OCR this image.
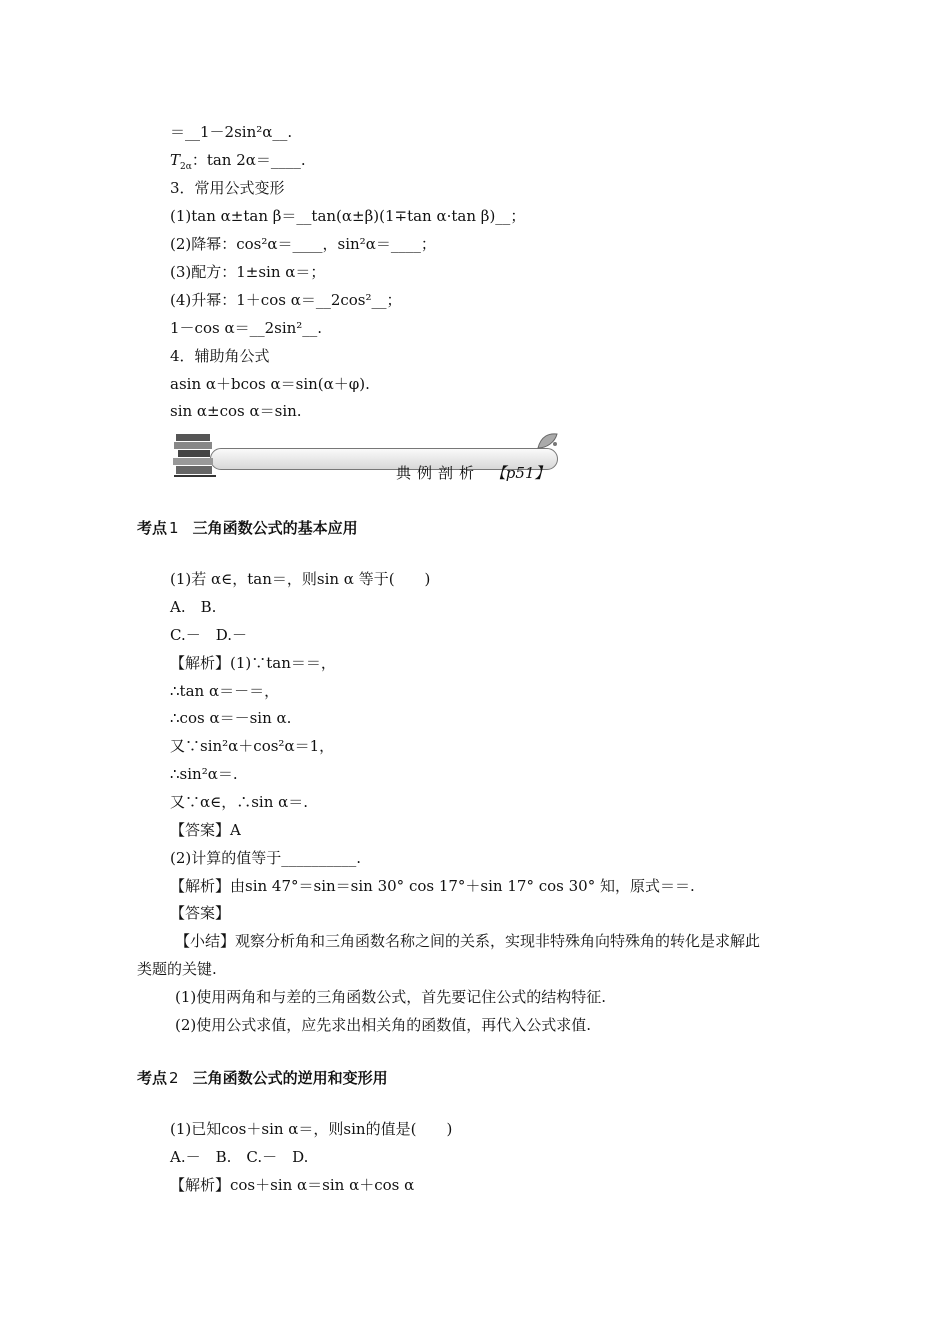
＝__1－2sin²α__.
$T_{2\alpha}$：tan 2α＝____.
3．常用公式变形
(1)tan α±tan β＝__tan(α±β)(1∓tan α·tan β)__；
(2)降幂：cos²α＝____，sin²α＝____；
(3)配方：1±sin α＝；
(4)升幂：1＋cos α＝__2cos²__；
1－cos α＝__2sin²__.
4．辅助角公式
asin α＋bcos α＝sin(α＋φ).
sin α±cos α＝sin.
典例剖析 【p51】
考点 1 三角函数公式的基本应用
(1)若 α∈，tan＝，则sin α 等于(　　)
A.　B.
C.－　D.－
【解析】(1)∵tan＝＝，
∴tan α＝－＝，
∴cos α＝－sin α.
又∵sin²α＋cos²α＝1，
∴sin²α＝.
又∵α∈，∴sin α＝.
【答案】A
(2)计算的值等于__________.
【解析】由sin 47°＝sin＝sin 30° cos 17°＋sin 17° cos 30° 知，原式＝＝.
【答案】
【小结】观察分析角和三角函数名称之间的关系，实现非特殊角向特殊角的转化是求解此
类题的关键.
(1)使用两角和与差的三角函数公式，首先要记住公式的结构特征.
(2)使用公式求值，应先求出相关角的函数值，再代入公式求值.
考点 2 三角函数公式的逆用和变形用
(1)已知cos＋sin α＝，则sin的值是(　　)
A.－　B.　C.－　D.
【解析】cos＋sin α＝sin α＋cos α
